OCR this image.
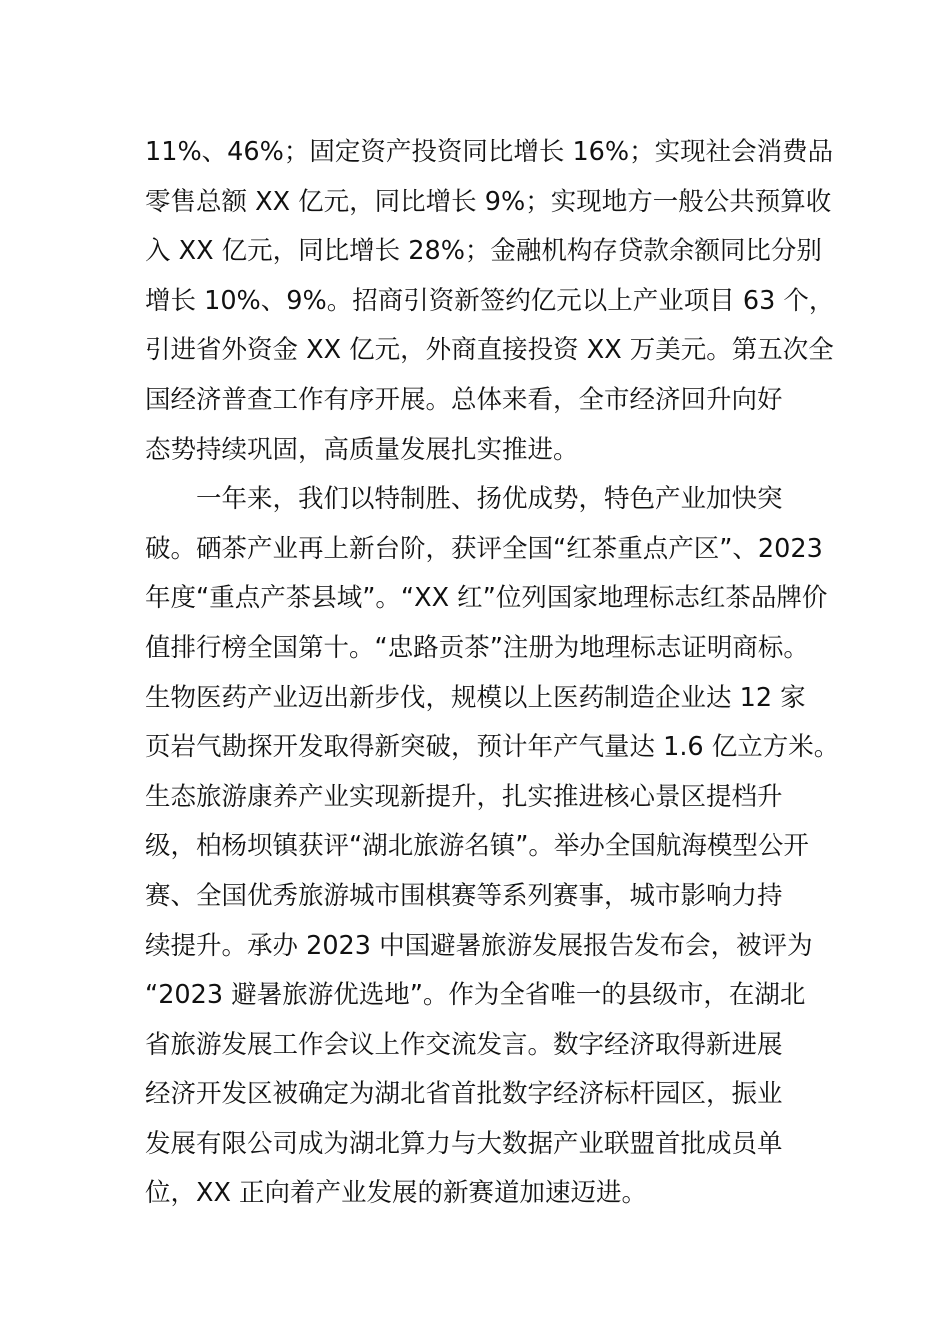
11%、46%；固定资产投资同比增长 16%；实现社会消费品
零售总额 XX 亿元，同比增长 9%；实现地方一般公共预算收
入 XX 亿元，同比增长 28%；金融机构存贷款余额同比分别
增长 10%、9%。招商引资新签约亿元以上产业项目 63 个，
引进省外资金 XX 亿元，外商直接投资 XX 万美元。第五次全
国经济普查工作有序开展。总体来看，全市经济回升向好
态势持续巩固，高质量发展扎实推进。
　　一年来，我们以特制胜、扬优成势，特色产业加快突
破。硒茶产业再上新台阶，获评全国“红茶重点产区”、2023
年度“重点产茶县域”。“XX 红”位列国家地理标志红茶品牌价
值排行榜全国第十。“忠路贡茶”注册为地理标志证明商标。
生物医药产业迈出新步伐，规模以上医药制造企业达 12 家
页岩气勘探开发取得新突破，预计年产气量达 1.6 亿立方米。
生态旅游康养产业实现新提升，扎实推进核心景区提档升
级，柏杨坝镇获评“湖北旅游名镇”。举办全国航海模型公开
赛、全国优秀旅游城市围棋赛等系列赛事，城市影响力持
续提升。承办 2023 中国避暑旅游发展报告发布会，被评为
“2023 避暑旅游优选地”。作为全省唯一的县级市，在湖北
省旅游发展工作会议上作交流发言。数字经济取得新进展
经济开发区被确定为湖北省首批数字经济标杆园区，振业
发展有限公司成为湖北算力与大数据产业联盟首批成员单
位，XX 正向着产业发展的新赛道加速迈进。
